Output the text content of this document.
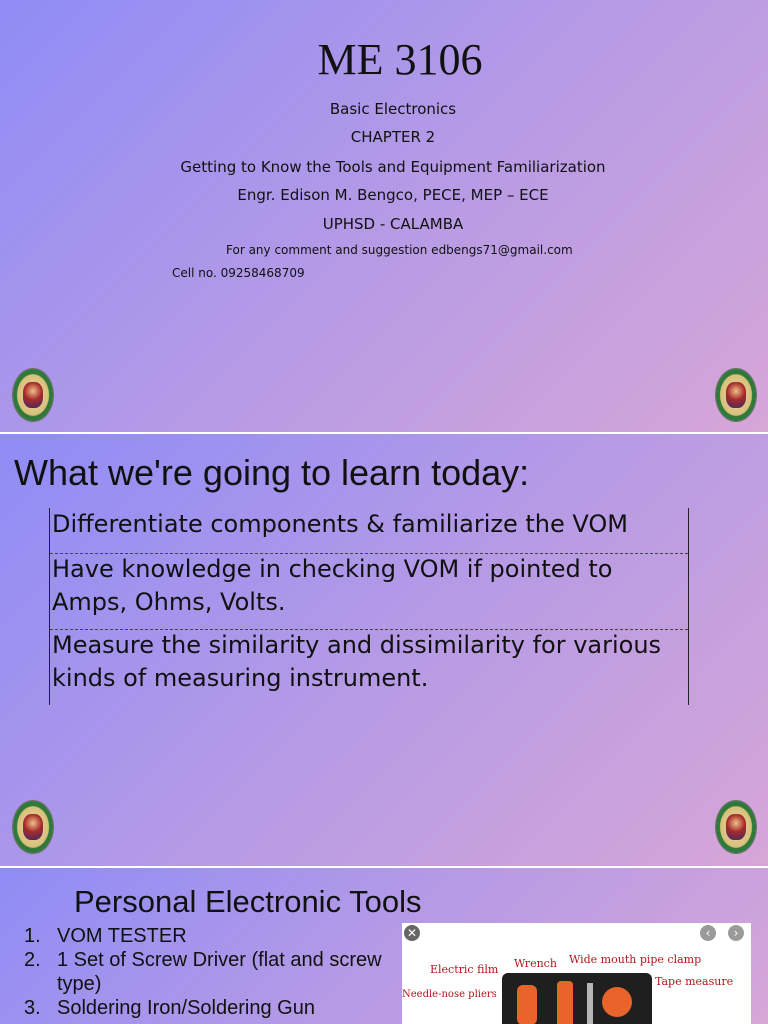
ME 3106
Basic Electronics
CHAPTER 2
Getting to Know the Tools and Equipment Familiarization
Engr. Edison M. Bengco, PECE, MEP – ECE
UPHSD - CALAMBA
For any comment and suggestion edbengs71@gmail.com
Cell no. 09258468709
What we're going to learn today:
Differentiate components & familiarize the VOM
Have knowledge in checking VOM if pointed to Amps, Ohms, Volts.
Measure the similarity and dissimilarity for various kinds of measuring instrument.
Personal Electronic Tools
1. VOM TESTER
2. 1 Set of Screw Driver (flat and screw type)
3. Soldering Iron/Soldering Gun
✕	‹	›
Electric film Wrench Wide mouth pipe clamp
Tape measure
Needle-nose pliers
